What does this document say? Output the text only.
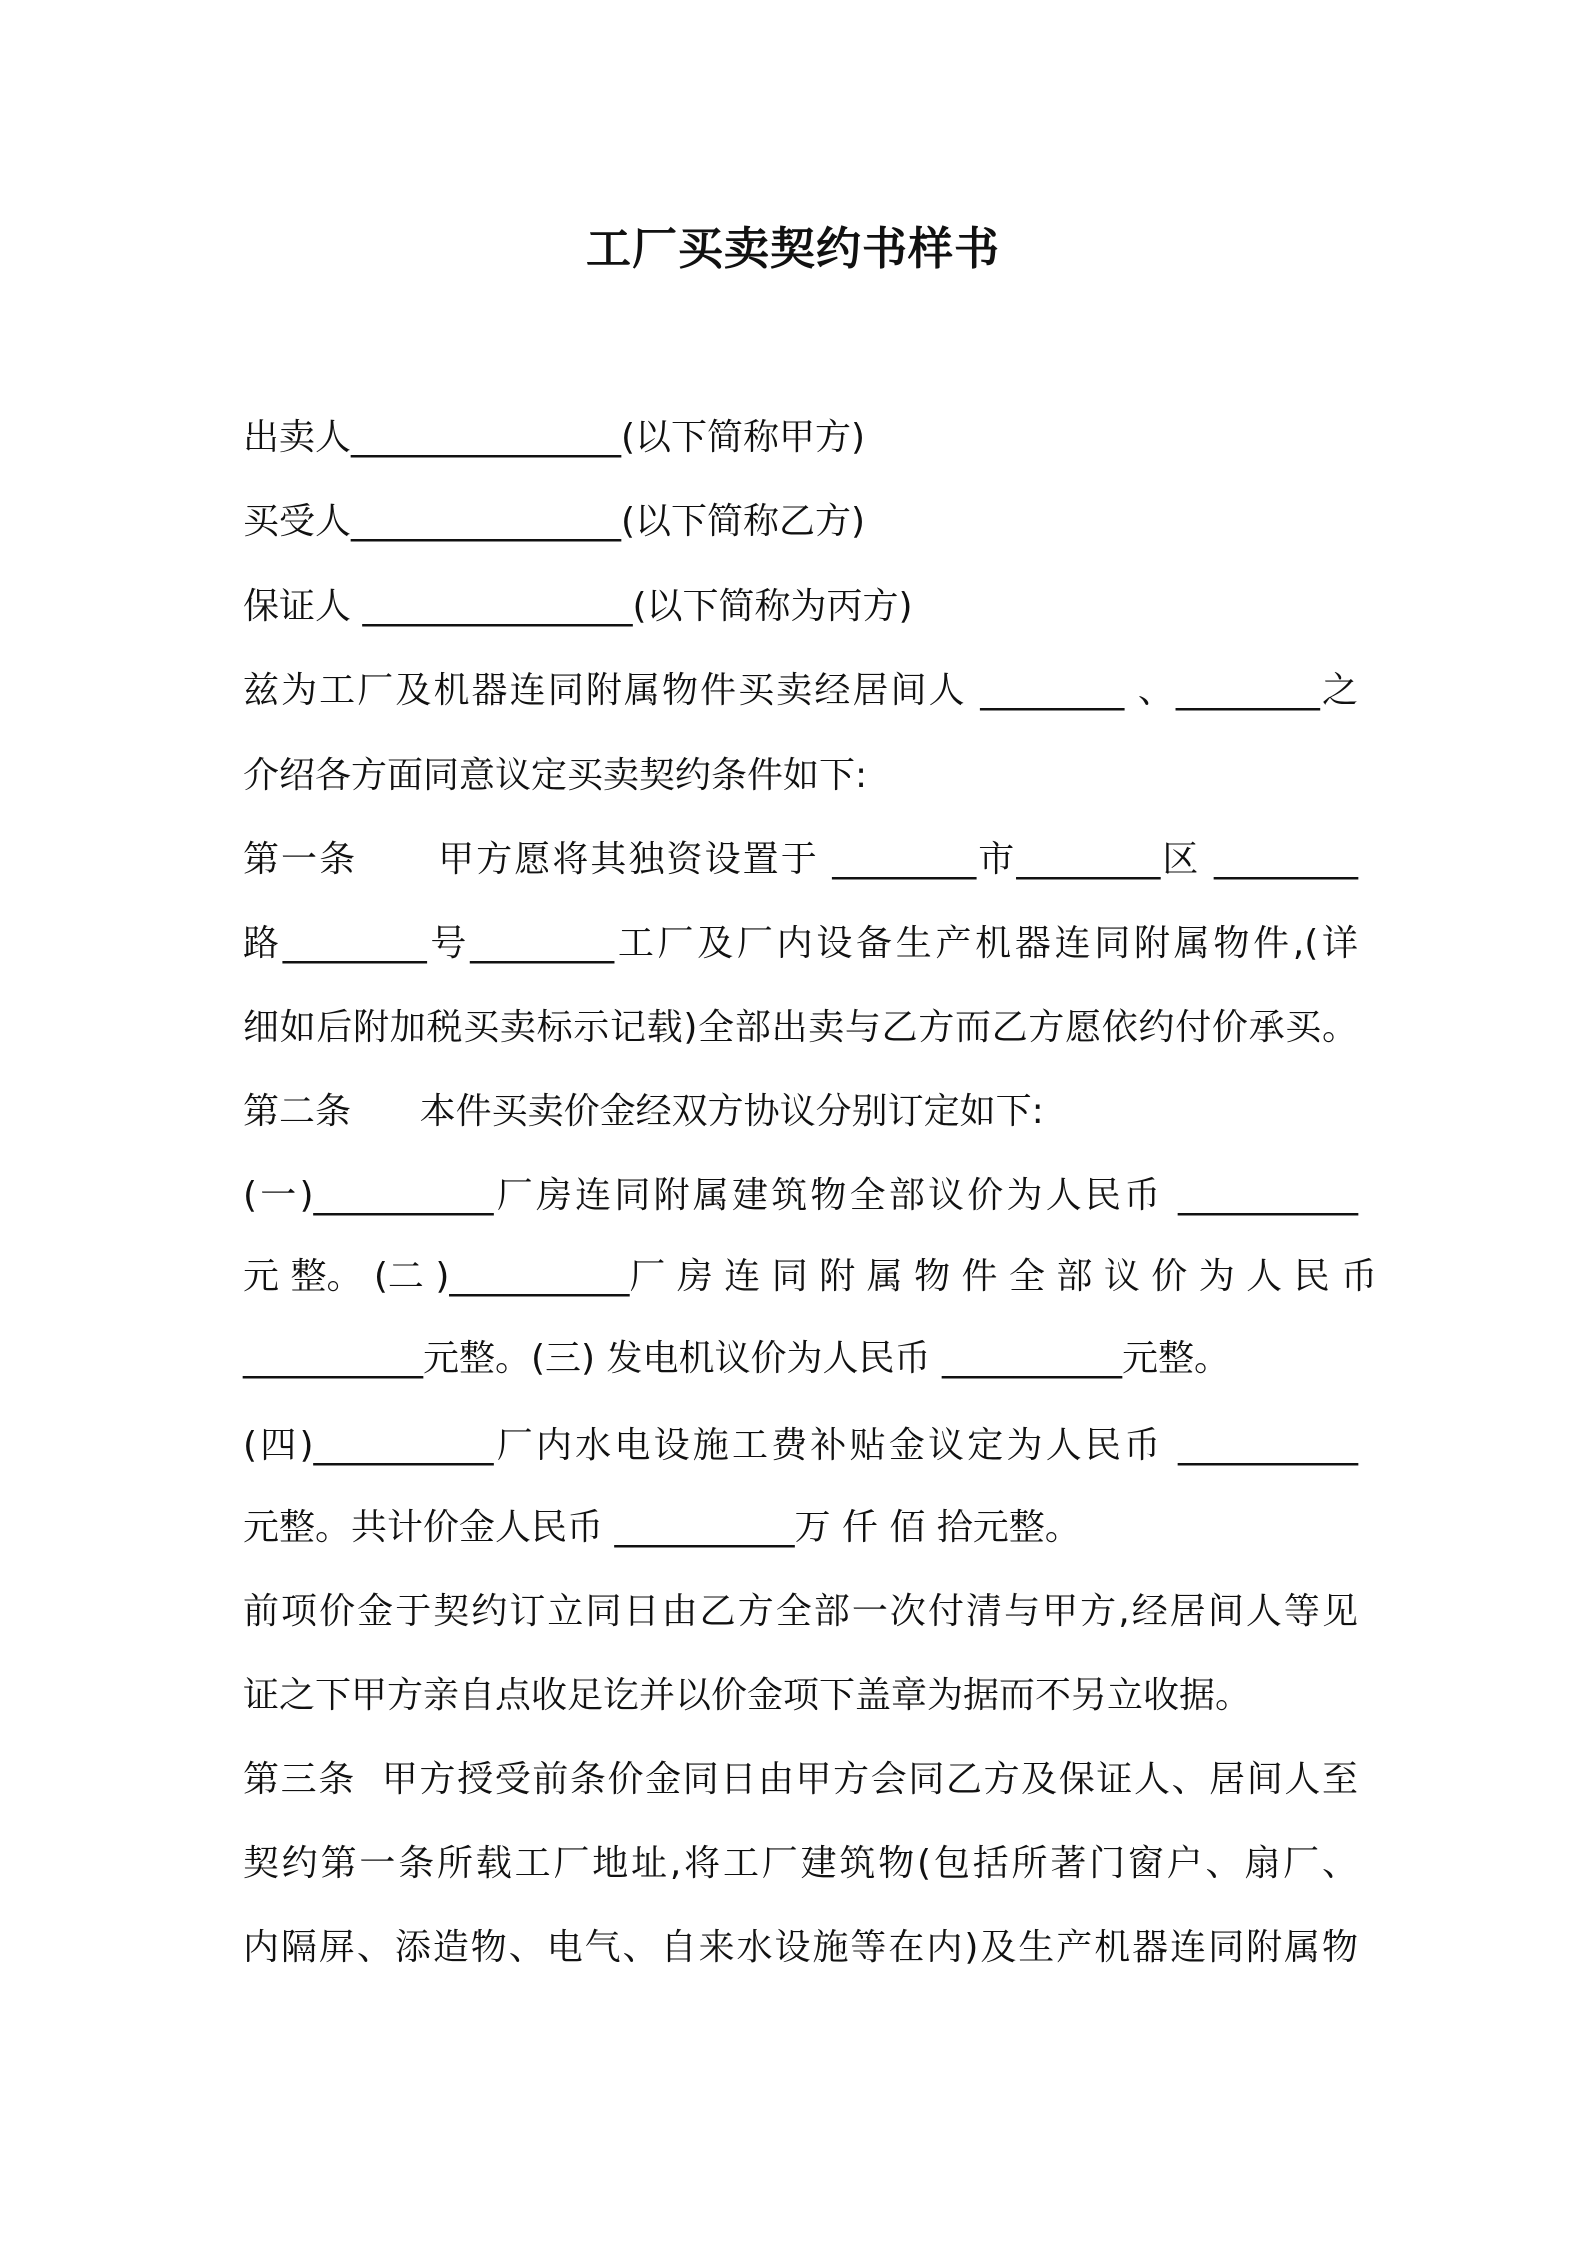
工厂买卖契约书样书

出卖人_______________(以下简称甲方)

买受人_______________(以下简称乙方)

保证人 _______________(以下简称为丙方)

兹为工厂及机器连同附属物件买卖经居间人 ________ 、________之

介绍各方面同意议定买卖契约条件如下:

第一条      甲方愿将其独资设置于 ________市________区 ________

路________号________工厂及厂内设备生产机器连同附属物件,(详

细如后附加税买卖标示记载)全部出卖与乙方而乙方愿依约付价承买。

第二条      本件买卖价金经双方协议分别订定如下:

(一)__________厂房连同附属建筑物全部议价为人民币 __________

元 整。 (二 )__________厂 房 连 同 附 属 物 件 全 部 议 价 为 人 民 币

__________元整。(三) 发电机议价为人民币 __________元整。

(四)__________厂内水电设施工费补贴金议定为人民币 __________

元整。共计价金人民币 __________万 仟 佰 拾元整。

前项价金于契约订立同日由乙方全部一次付清与甲方,经居间人等见

证之下甲方亲自点收足讫并以价金项下盖章为据而不另立收据。

第三条  甲方授受前条价金同日由甲方会同乙方及保证人、居间人至

契约第一条所载工厂地址,将工厂建筑物(包括所著门窗户、扇厂、

内隔屏、添造物、电气、自来水设施等在内)及生产机器连同附属物
